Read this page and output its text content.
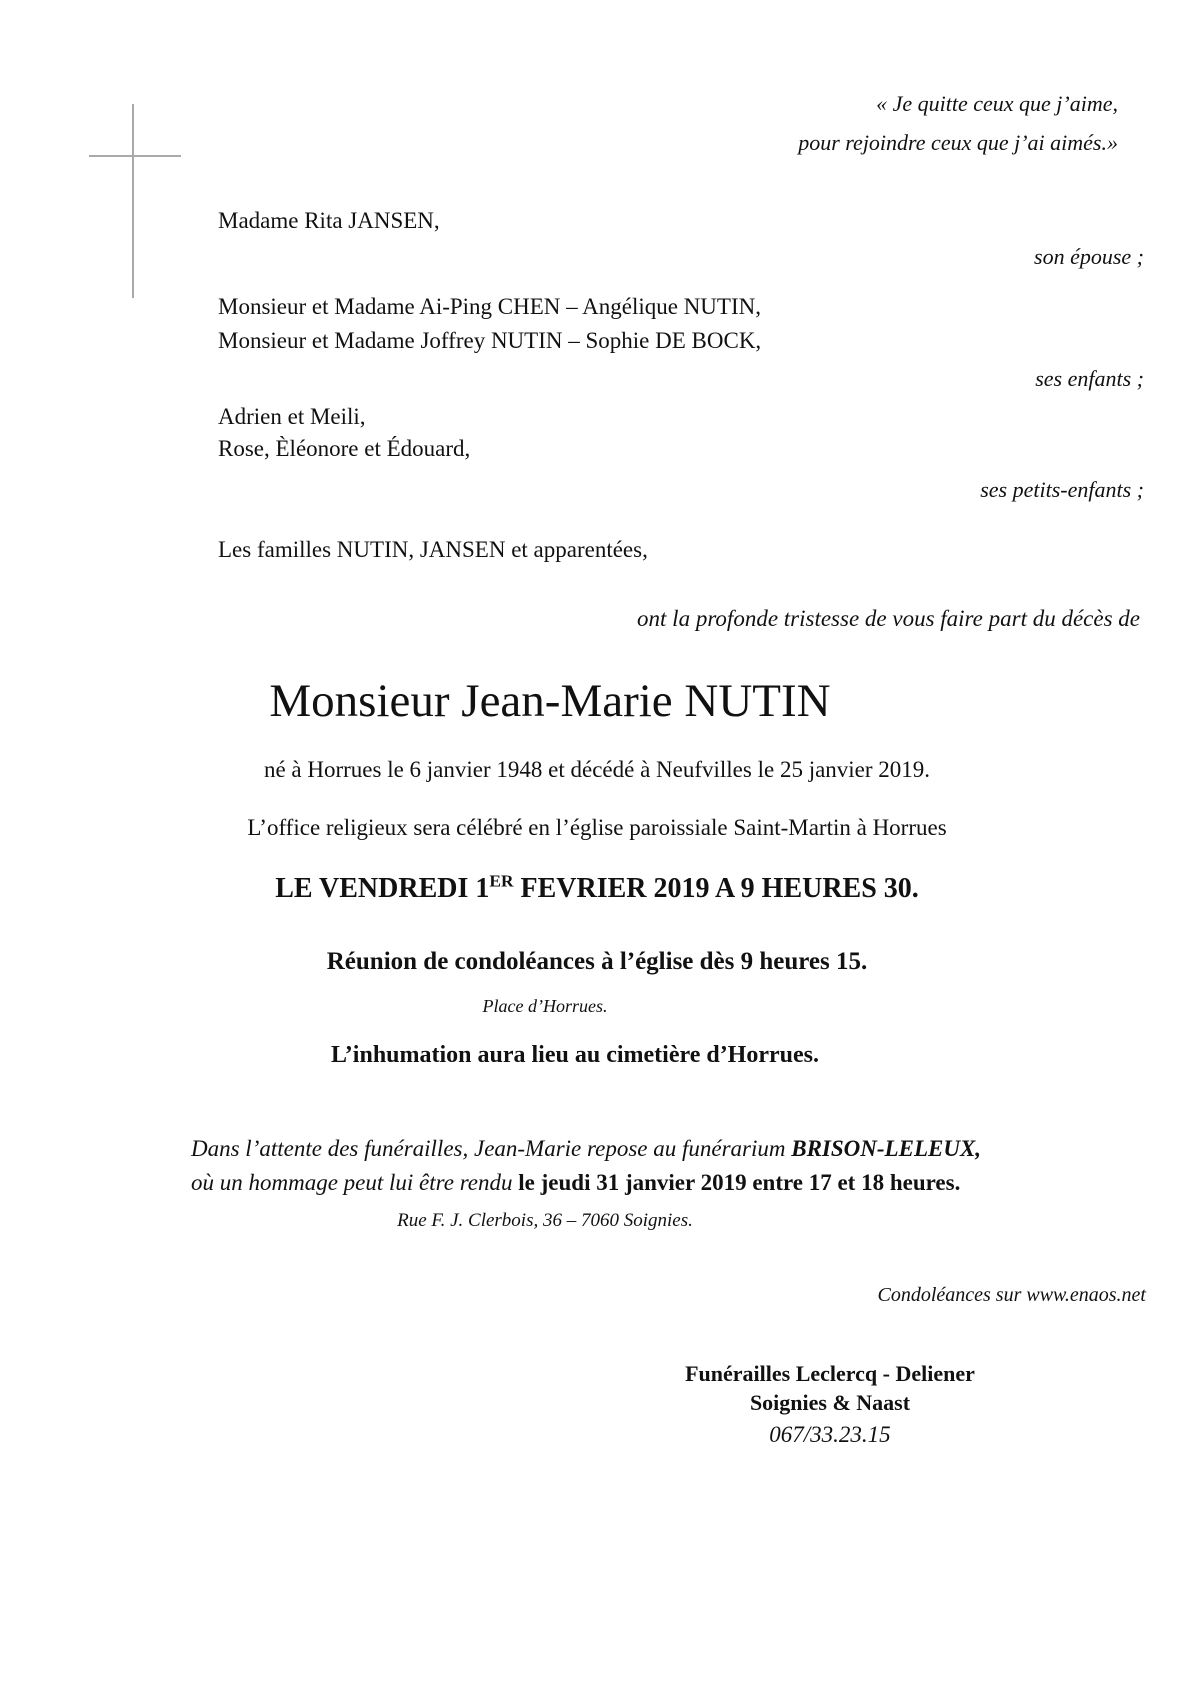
« Je quitte ceux que j’aime,
pour rejoindre ceux que j’ai aimés.»
Madame Rita JANSEN,
son épouse ;
Monsieur et Madame Ai-Ping CHEN – Angélique NUTIN,
Monsieur et Madame Joffrey NUTIN – Sophie DE BOCK,
ses enfants ;
Adrien et Meili,
Rose, Èléonore et Édouard,
ses petits-enfants ;
Les familles NUTIN, JANSEN et apparentées,
ont la profonde tristesse de vous faire part du décès de
Monsieur Jean-Marie NUTIN
né à Horrues le 6 janvier 1948 et décédé à Neufvilles le 25 janvier 2019.
L’office religieux sera célébré en l’église paroissiale Saint-Martin à Horrues
LE VENDREDI 1ER FEVRIER 2019 A 9 HEURES 30.
Réunion de condoléances à l’église dès 9 heures 15.
Place d’Horrues.
L’inhumation aura lieu au cimetière d’Horrues.
Dans l’attente des funérailles, Jean-Marie repose au funérarium BRISON-LELEUX,
où un hommage peut lui être rendu le jeudi 31 janvier 2019 entre 17 et 18 heures.
Rue F. J. Clerbois, 36 – 7060 Soignies.
Condoléances sur www.enaos.net
Funérailles Leclercq - Deliener
Soignies & Naast
067/33.23.15
